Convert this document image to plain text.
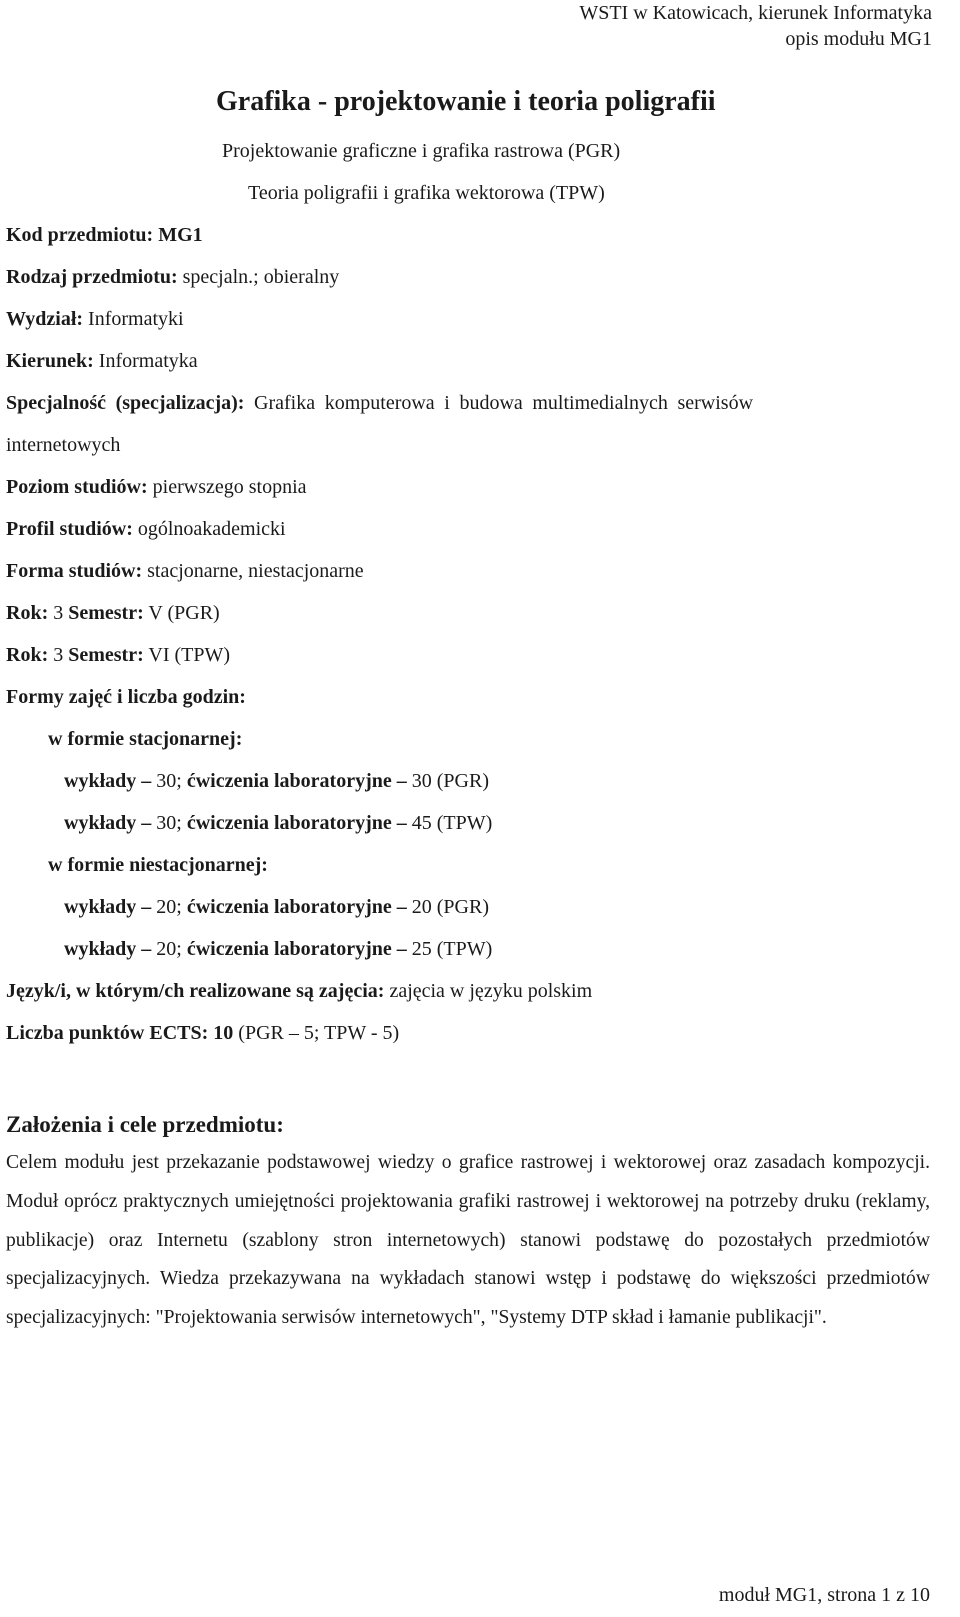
WSTI w Katowicach, kierunek Informatyka
opis modułu MG1
Grafika - projektowanie i teoria poligrafii
Projektowanie graficzne i grafika rastrowa (PGR)
Teoria poligrafii i grafika wektorowa (TPW)
Kod przedmiotu: MG1
Rodzaj przedmiotu: specjaln.; obieralny
Wydział: Informatyki
Kierunek: Informatyka
Specjalność (specjalizacja): Grafika komputerowa i budowa multimedialnych serwisów
internetowych
Poziom studiów: pierwszego stopnia
Profil studiów: ogólnoakademicki
Forma studiów: stacjonarne, niestacjonarne
Rok: 3 Semestr: V (PGR)
Rok: 3 Semestr: VI (TPW)
Formy zajęć i liczba godzin:
w formie stacjonarnej:
wykłady – 30; ćwiczenia laboratoryjne – 30 (PGR)
wykłady – 30; ćwiczenia laboratoryjne – 45 (TPW)
w formie niestacjonarnej:
wykłady – 20; ćwiczenia laboratoryjne – 20 (PGR)
wykłady – 20; ćwiczenia laboratoryjne – 25 (TPW)
Język/i, w którym/ch realizowane są zajęcia: zajęcia w języku polskim
Liczba punktów ECTS: 10 (PGR – 5; TPW - 5)
Założenia i cele przedmiotu:
Celem modułu jest przekazanie podstawowej wiedzy o grafice rastrowej i wektorowej oraz zasadach kompozycji. Moduł oprócz praktycznych umiejętności projektowania grafiki rastrowej i wektorowej na potrzeby druku (reklamy, publikacje) oraz Internetu (szablony stron internetowych) stanowi podstawę do pozostałych przedmiotów specjalizacyjnych. Wiedza przekazywana na wykładach stanowi wstęp i podstawę do większości przedmiotów specjalizacyjnych: "Projektowania serwisów internetowych", "Systemy DTP skład i łamanie publikacji".
moduł MG1, strona 1 z 10
